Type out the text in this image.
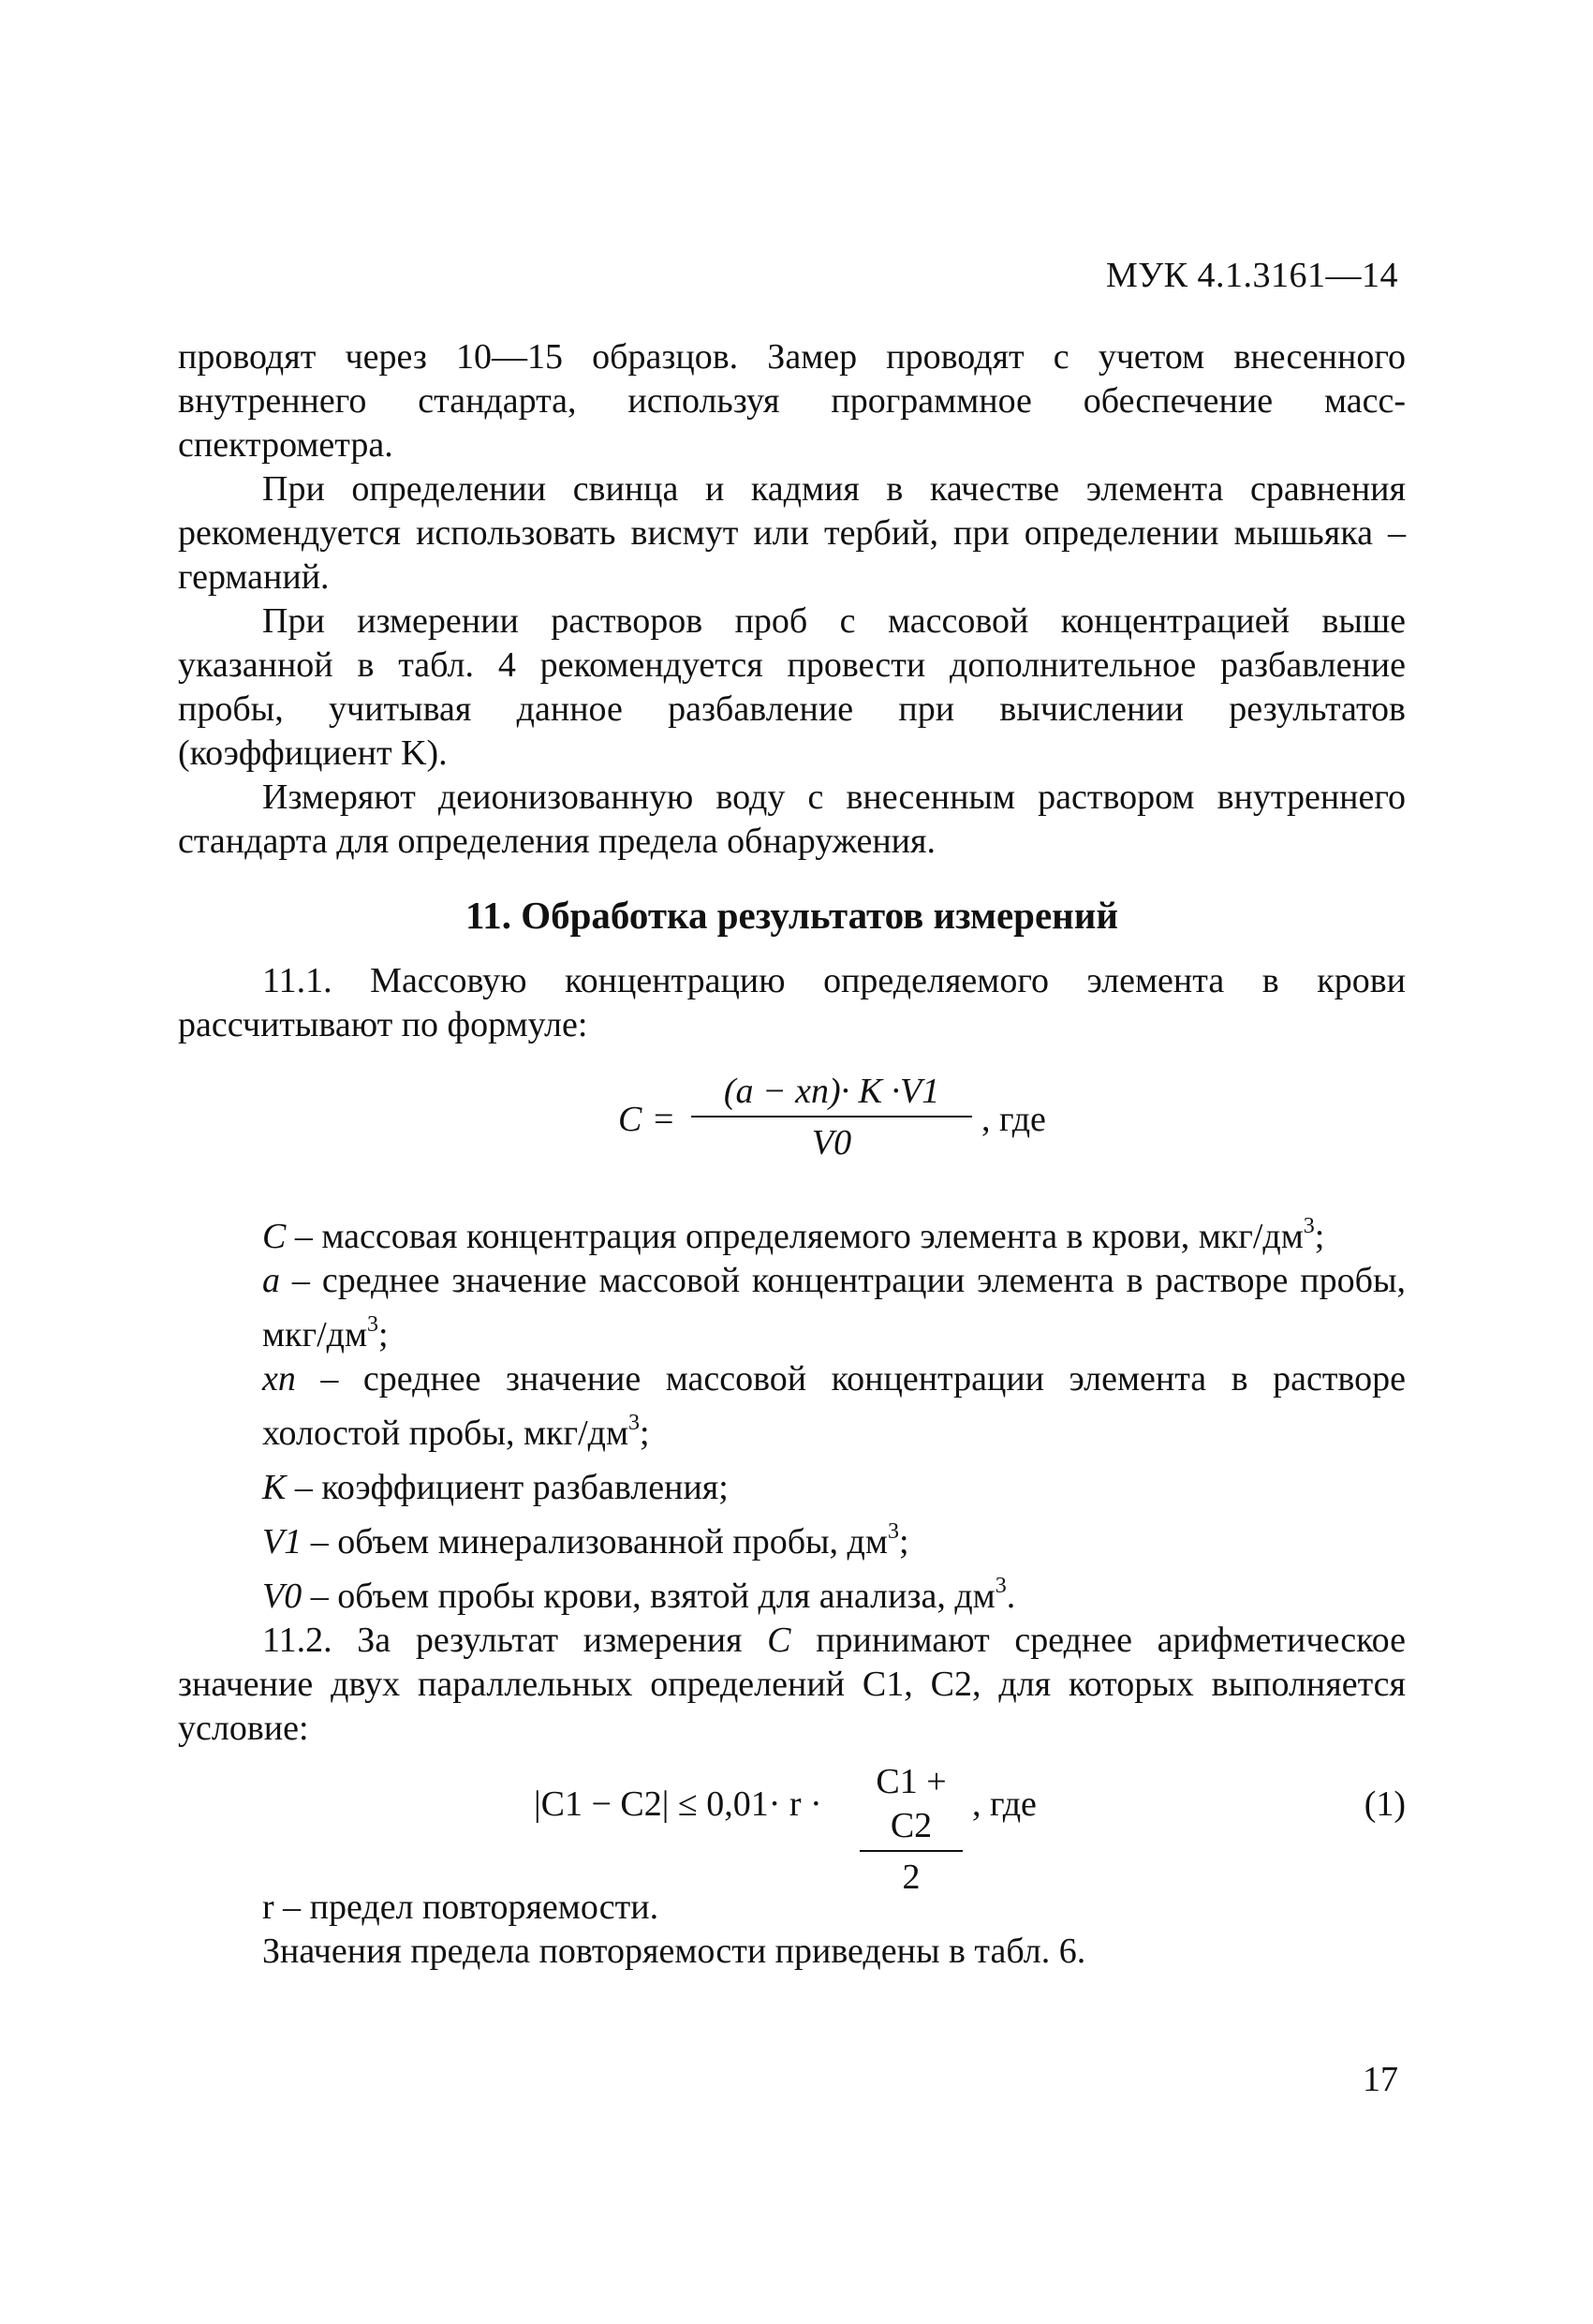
МУК 4.1.3161—14

проводят через 10—15 образцов. Замер проводят с учетом внесенного внутреннего стандарта, используя программное обеспечение масс-спектрометра.

При определении свинца и кадмия в качестве элемента сравнения рекомендуется использовать висмут или тербий, при определении мышьяка – германий.

При измерении растворов проб с массовой концентрацией выше указанной в табл. 4 рекомендуется провести дополнительное разбавление пробы, учитывая данное разбавление при вычислении результатов (коэффициент K).

Измеряют деионизованную воду с внесенным раствором внутреннего стандарта для определения предела обнаружения.

11. Обработка результатов измерений

11.1. Массовую концентрацию определяемого элемента в крови рассчитывают по формуле:

C =
(a − xn)· K ·V1
V0
, где

C – массовая концентрация определяемого элемента в крови, мкг/$дм^3$;

a – среднее значение массовой концентрации элемента в растворе пробы, мкг/$дм^3$;

xn – среднее значение массовой концентрации элемента в растворе холостой пробы, мкг/$дм^3$;

K – коэффициент разбавления;

V1 – объем минерализованной пробы, $дм^3$;

V0 – объем пробы крови, взятой для анализа, $дм^3$.

11.2. За результат измерения C принимают среднее арифметическое значение двух параллельных определений C1, C2, для которых выполняется условие:

|C1 − C2| ≤ 0,01· r ·
C1 + C2
2
, где	(1)

r – предел повторяемости.

Значения предела повторяемости приведены в табл. 6.

17
